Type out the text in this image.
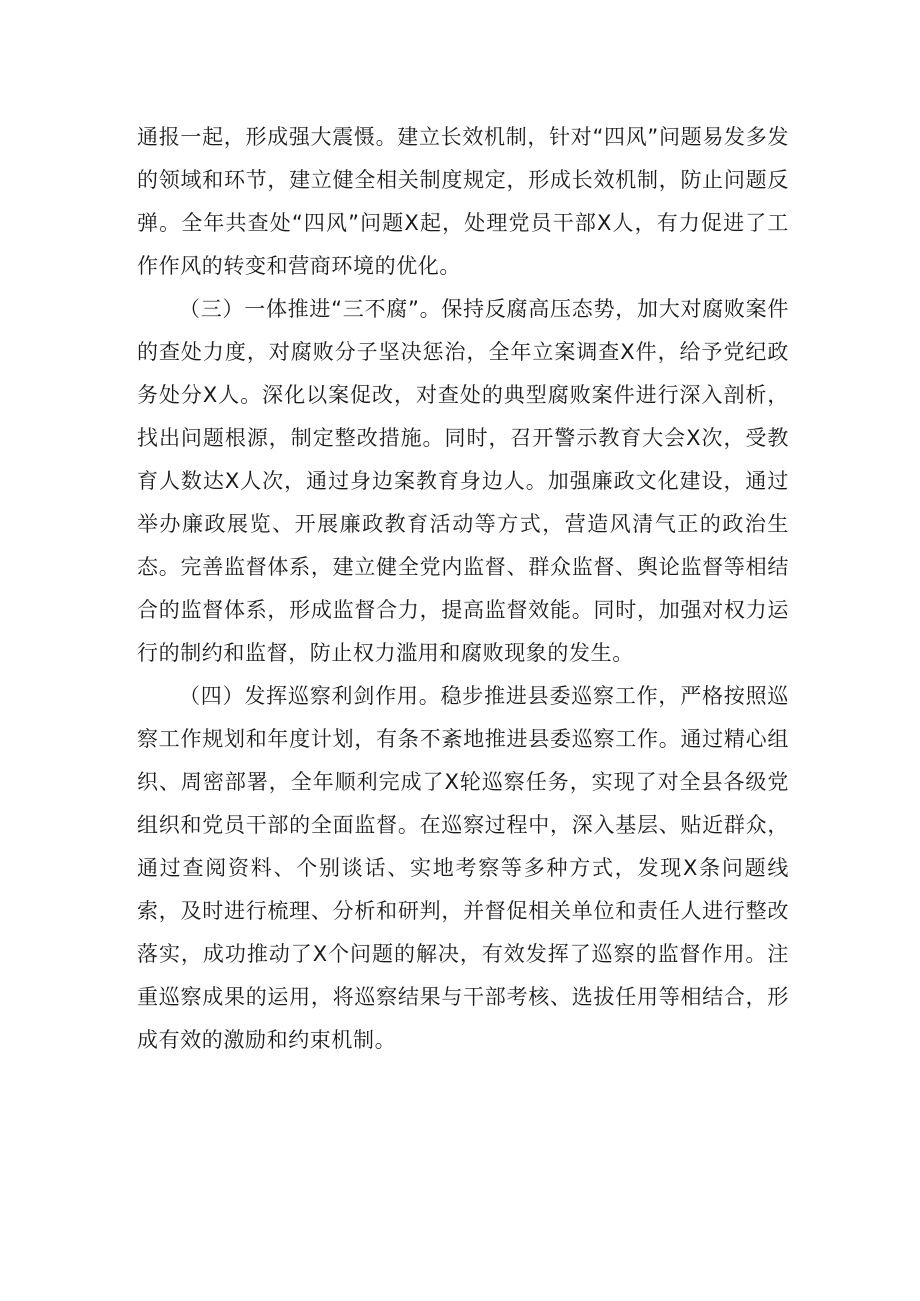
通报一起，形成强大震慑。建立长效机制，针对“四风”问题易发多发的领域和环节，建立健全相关制度规定，形成长效机制，防止问题反弹。全年共查处“四风”问题X起，处理党员干部X人，有力促进了工作作风的转变和营商环境的优化。

（三）一体推进“三不腐”。保持反腐高压态势，加大对腐败案件的查处力度，对腐败分子坚决惩治，全年立案调查X件，给予党纪政务处分X人。深化以案促改，对查处的典型腐败案件进行深入剖析，找出问题根源，制定整改措施。同时，召开警示教育大会X次，受教育人数达X人次，通过身边案教育身边人。加强廉政文化建设，通过举办廉政展览、开展廉政教育活动等方式，营造风清气正的政治生态。完善监督体系，建立健全党内监督、群众监督、舆论监督等相结合的监督体系，形成监督合力，提高监督效能。同时，加强对权力运行的制约和监督，防止权力滥用和腐败现象的发生。

（四）发挥巡察利剑作用。稳步推进县委巡察工作，严格按照巡察工作规划和年度计划，有条不紊地推进县委巡察工作。通过精心组织、周密部署，全年顺利完成了X轮巡察任务，实现了对全县各级党组织和党员干部的全面监督。在巡察过程中，深入基层、贴近群众，通过查阅资料、个别谈话、实地考察等多种方式，发现X条问题线索，及时进行梳理、分析和研判，并督促相关单位和责任人进行整改落实，成功推动了X个问题的解决，有效发挥了巡察的监督作用。注重巡察成果的运用，将巡察结果与干部考核、选拔任用等相结合，形成有效的激励和约束机制。
